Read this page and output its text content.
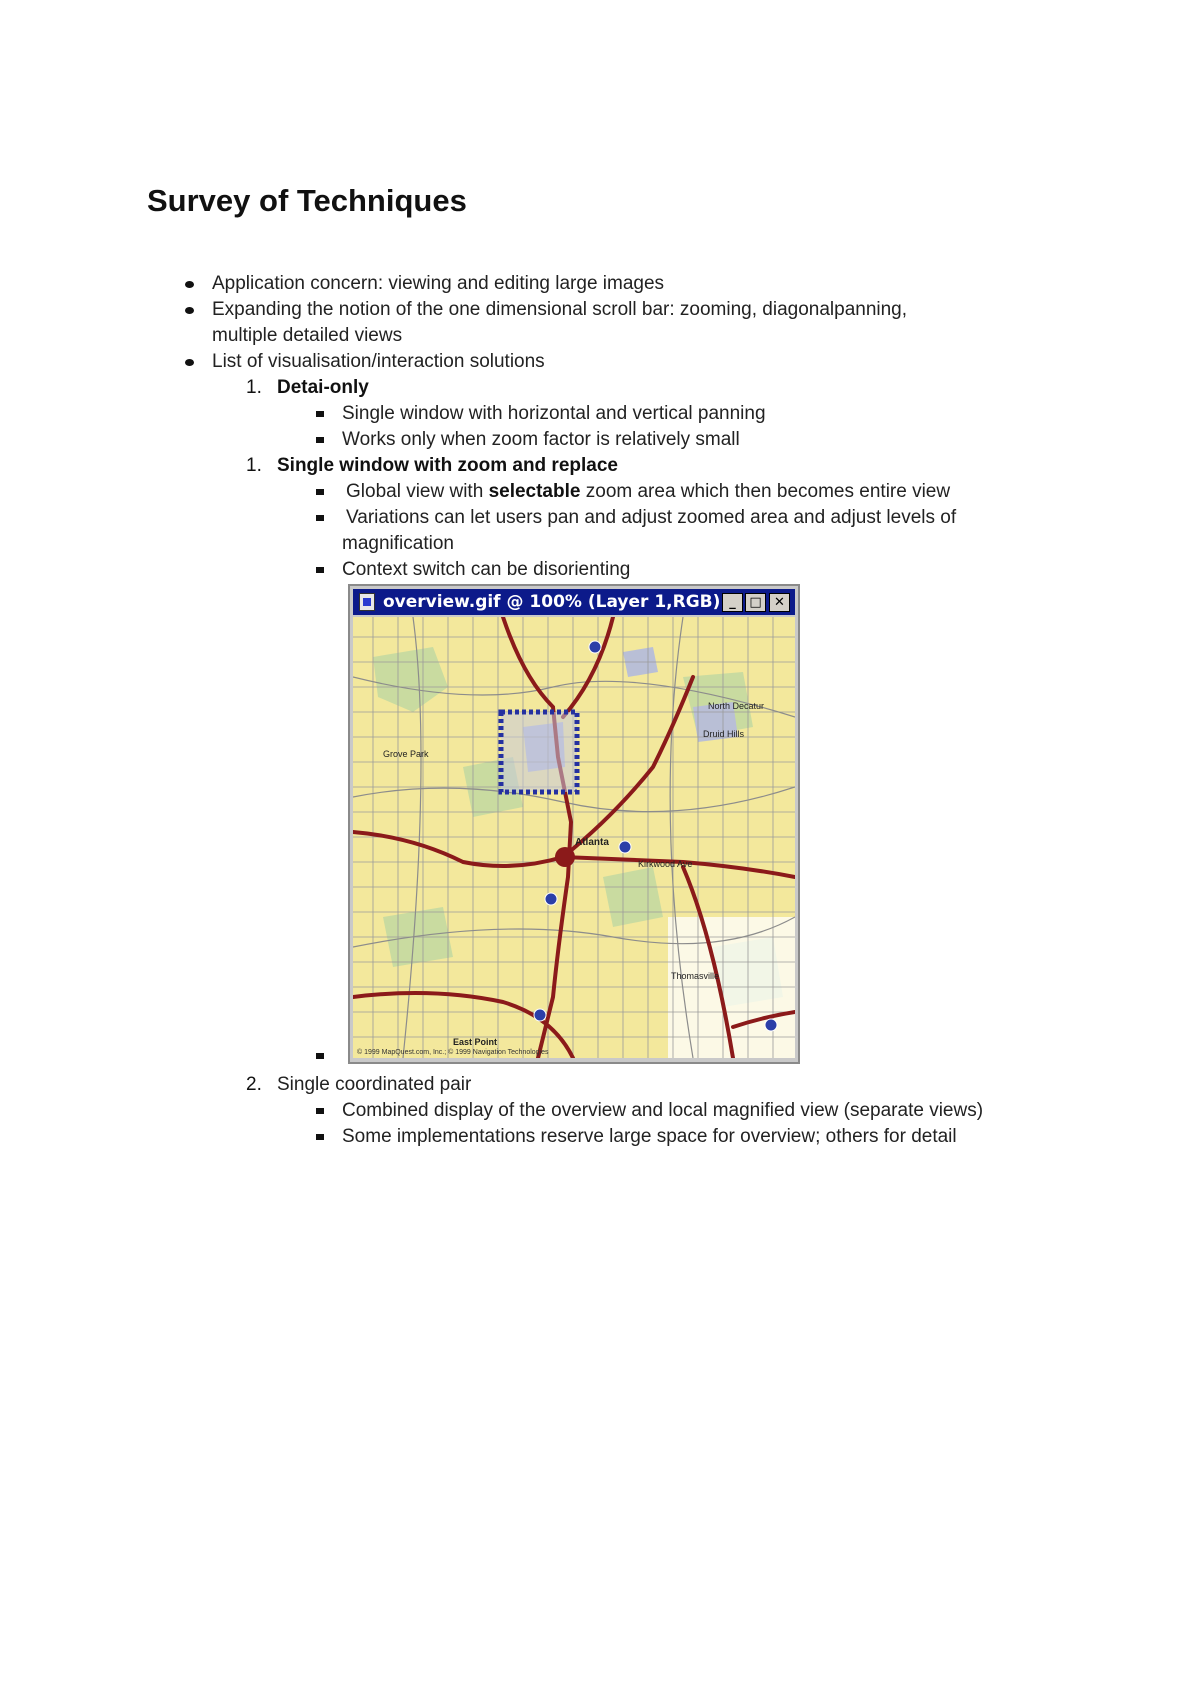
Survey of Techniques
Application concern: viewing and editing large images
Expanding the notion of the one dimensional scroll bar: zooming, diagonalpanning,
multiple detailed views
List of visualisation/interaction solutions
1. Detai-only
Single window with horizontal and vertical panning
Works only when zoom factor is relatively small
1. Single window with zoom and replace
Global view with selectable zoom area which then becomes entire view
Variations can let users pan and adjust zoomed area and adjust levels of
magnification
Context switch can be disorienting
overview.gif @ 100% (Layer 1,RGB) _	□ ✕
North Decatur
Druid Hills
Atlanta
East Point
Thomasville
Kirkwood Ave
Grove Park
© 1999 MapQuest.com, Inc.; © 1999 Navigation Technologies
2. Single coordinated pair
Combined display of the overview and local magnified view (separate views)
Some implementations reserve large space for overview; others for detail
